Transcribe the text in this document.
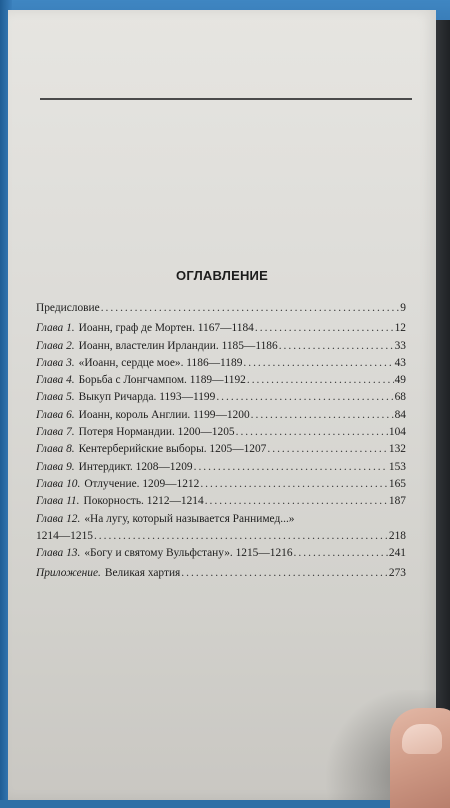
ОГЛАВЛЕНИЕ
Предисловие .....	9
Глава 1. Иоанн, граф де Мортен. 1167—1184 .....	12
Глава 2. Иоанн, властелин Ирландии. 1185—1186 .....	33
Глава 3. «Иоанн, сердце мое». 1186—1189 .....	43
Глава 4. Борьба с Лонгчампом. 1189—1192 .....	49
Глава 5. Выкуп Ричарда. 1193—1199 .....	68
Глава 6. Иоанн, король Англии. 1199—1200 .....	84
Глава 7. Потеря Нормандии. 1200—1205 .....	104
Глава 8. Кентерберийские выборы. 1205—1207 .....	132
Глава 9. Интердикт. 1208—1209 .....	153
Глава 10. Отлучение. 1209—1212 .....	165
Глава 11. Покорность. 1212—1214 .....	187
Глава 12. «На лугу, который называется Раннимед...»
1214—1215 .....	218
Глава 13. «Богу и святому Вульфстану». 1215—1216 .....	241
Приложение. Великая хартия .....	273
